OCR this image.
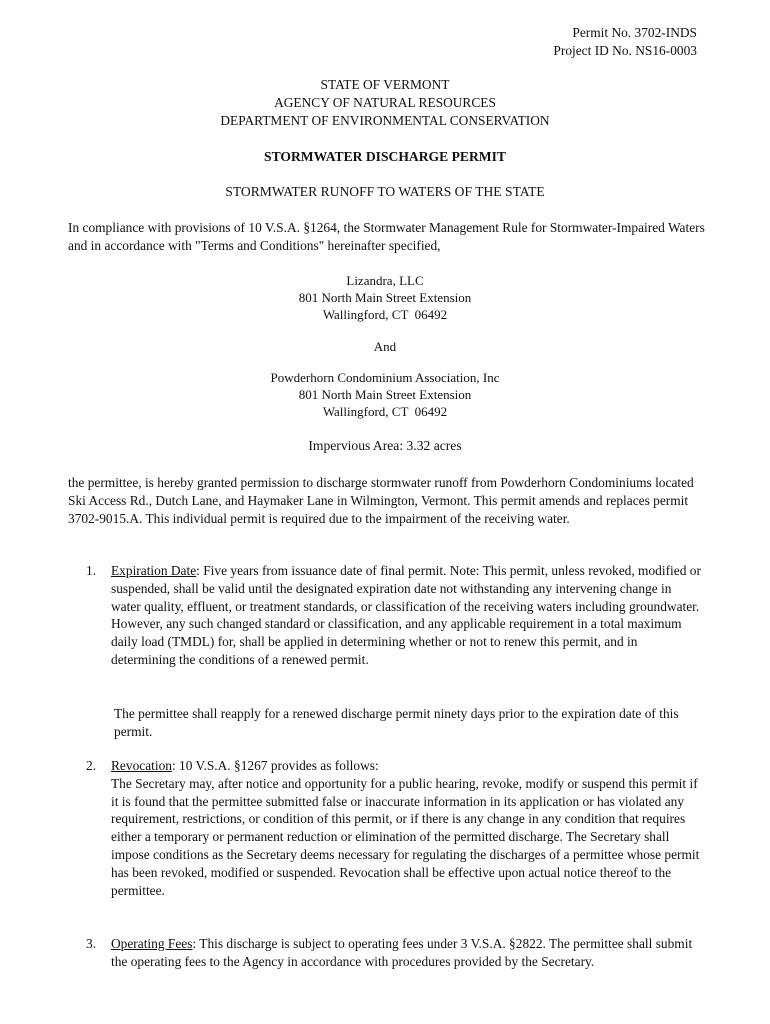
Permit No. 3702-INDS
Project ID No. NS16-0003
STATE OF VERMONT
AGENCY OF NATURAL RESOURCES
DEPARTMENT OF ENVIRONMENTAL CONSERVATION
STORMWATER DISCHARGE PERMIT
STORMWATER RUNOFF TO WATERS OF THE STATE
In compliance with provisions of 10 V.S.A. §1264, the Stormwater Management Rule for Stormwater-Impaired Waters and in accordance with "Terms and Conditions" hereinafter specified,
Lizandra, LLC
801 North Main Street Extension
Wallingford, CT  06492
And
Powderhorn Condominium Association, Inc
801 North Main Street Extension
Wallingford, CT  06492
Impervious Area: 3.32 acres
the permittee, is hereby granted permission to discharge stormwater runoff from Powderhorn Condominiums located Ski Access Rd., Dutch Lane, and Haymaker Lane in Wilmington, Vermont. This permit amends and replaces permit 3702-9015.A. This individual permit is required due to the impairment of the receiving water.
1.	Expiration Date: Five years from issuance date of final permit. Note: This permit, unless revoked, modified or suspended, shall be valid until the designated expiration date not withstanding any intervening change in water quality, effluent, or treatment standards, or classification of the receiving waters including groundwater. However, any such changed standard or classification, and any applicable requirement in a total maximum daily load (TMDL) for, shall be applied in determining whether or not to renew this permit, and in determining the conditions of a renewed permit.
The permittee shall reapply for a renewed discharge permit ninety days prior to the expiration date of this permit.
2.	Revocation: 10 V.S.A. §1267 provides as follows:
The Secretary may, after notice and opportunity for a public hearing, revoke, modify or suspend this permit if it is found that the permittee submitted false or inaccurate information in its application or has violated any requirement, restrictions, or condition of this permit, or if there is any change in any condition that requires either a temporary or permanent reduction or elimination of the permitted discharge. The Secretary shall impose conditions as the Secretary deems necessary for regulating the discharges of a permittee whose permit has been revoked, modified or suspended. Revocation shall be effective upon actual notice thereof to the permittee.
3.	Operating Fees: This discharge is subject to operating fees under 3 V.S.A. §2822. The permittee shall submit the operating fees to the Agency in accordance with procedures provided by the Secretary.
